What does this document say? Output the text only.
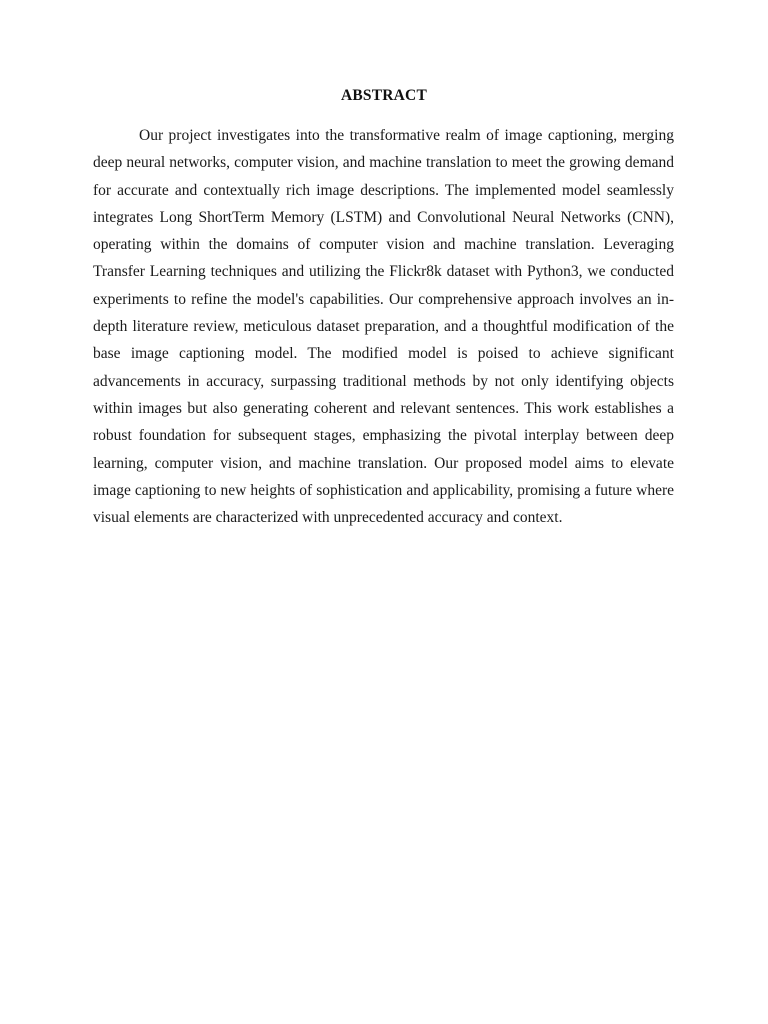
ABSTRACT

Our project investigates into the transformative realm of image captioning, merging deep neural networks, computer vision, and machine translation to meet the growing demand for accurate and contextually rich image descriptions. The implemented model seamlessly integrates Long ShortTerm Memory (LSTM) and Convolutional Neural Networks (CNN), operating within the domains of computer vision and machine translation. Leveraging Transfer Learning techniques and utilizing the Flickr8k dataset with Python3, we conducted experiments to refine the model's capabilities. Our comprehensive approach involves an in-depth literature review, meticulous dataset preparation, and a thoughtful modification of the base image captioning model. The modified model is poised to achieve significant advancements in accuracy, surpassing traditional methods by not only identifying objects within images but also generating coherent and relevant sentences. This work establishes a robust foundation for subsequent stages, emphasizing the pivotal interplay between deep learning, computer vision, and machine translation. Our proposed model aims to elevate image captioning to new heights of sophistication and applicability, promising a future where visual elements are characterized with unprecedented accuracy and context.
